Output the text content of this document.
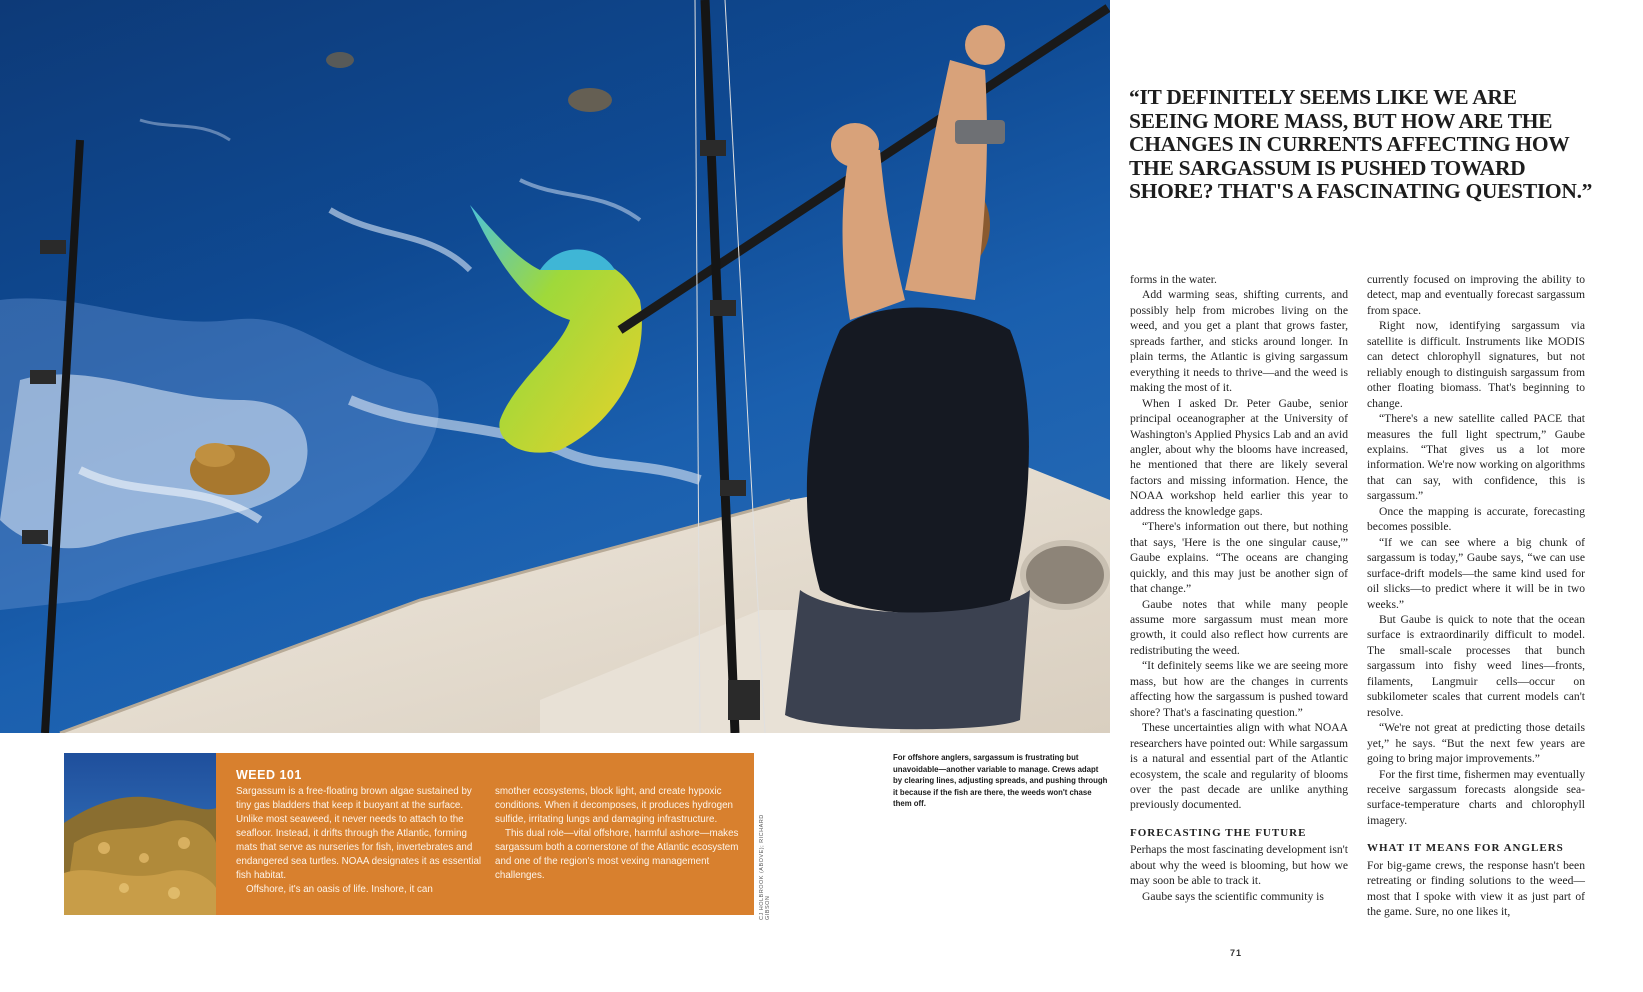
WEED 101

Sargassum is a free-floating brown algae sustained by tiny gas bladders that keep it buoyant at the surface. Unlike most seaweed, it never needs to attach to the seafloor. Instead, it drifts through the Atlantic, forming mats that serve as nurseries for fish, invertebrates and endangered sea turtles. NOAA designates it as essential fish habitat.

Offshore, it's an oasis of life. Inshore, it can

smother ecosystems, block light, and create hypoxic conditions. When it decomposes, it produces hydrogen sulfide, irritating lungs and damaging infrastructure.

This dual role—vital offshore, harmful ashore—makes sargassum both a cornerstone of the Atlantic ecosystem and one of the region's most vexing management challenges.	CJ HOLBROOK (ABOVE); RICHARD GIBSON
For offshore anglers, sargassum is frustrating but unavoidable—another variable to manage. Crews adapt by clearing lines, adjusting spreads, and pushing through it because if the fish are there, the weeds won't chase them off.
“IT DEFINITELY SEEMS LIKE WE ARE SEEING MORE MASS, BUT HOW ARE THE CHANGES IN CURRENTS AFFECTING HOW THE SARGASSUM IS PUSHED TOWARD SHORE? THAT'S A FASCINATING QUESTION.”

forms in the water.

Add warming seas, shifting currents, and possibly help from microbes living on the weed, and you get a plant that grows faster, spreads farther, and sticks around longer. In plain terms, the Atlantic is giving sargassum everything it needs to thrive—and the weed is making the most of it.

When I asked Dr. Peter Gaube, senior principal oceanographer at the University of Washington's Applied Physics Lab and an avid angler, about why the blooms have increased, he mentioned that there are likely several factors and missing information. Hence, the NOAA workshop held earlier this year to address the knowledge gaps.

“There's information out there, but nothing that says, 'Here is the one singular cause,'” Gaube explains. “The oceans are changing quickly, and this may just be another sign of that change.”

Gaube notes that while many people assume more sargassum must mean more growth, it could also reflect how currents are redistributing the weed.

“It definitely seems like we are seeing more mass, but how are the changes in currents affecting how the sargassum is pushed toward shore? That's a fascinating question.”

These uncertainties align with what NOAA researchers have pointed out: While sargassum is a natural and essential part of the Atlantic ecosystem, the scale and regularity of blooms over the past decade are unlike anything previously documented.

FORECASTING THE FUTURE

Perhaps the most fascinating development isn't about why the weed is blooming, but how we may soon be able to track it.

Gaube says the scientific community is

currently focused on improving the ability to detect, map and eventually forecast sargassum from space.

Right now, identifying sargassum via satellite is difficult. Instruments like MODIS can detect chlorophyll signatures, but not reliably enough to distinguish sargassum from other floating biomass. That's beginning to change.

“There's a new satellite called PACE that measures the full light spectrum,” Gaube explains. “That gives us a lot more information. We're now working on algorithms that can say, with confidence, this is sargassum.”

Once the mapping is accurate, forecasting becomes possible.

“If we can see where a big chunk of sargassum is today,” Gaube says, “we can use surface-drift models—the same kind used for oil slicks—to predict where it will be in two weeks.”

But Gaube is quick to note that the ocean surface is extraordinarily difficult to model. The small-scale processes that bunch sargassum into fishy weed lines—fronts, filaments, Langmuir cells—occur on subkilometer scales that current models can't resolve.

“We're not great at predicting those details yet,” he says. “But the next few years are going to bring major improvements.”

For the first time, fishermen may eventually receive sargassum forecasts alongside sea-surface-temperature charts and chlorophyll imagery.

WHAT IT MEANS FOR ANGLERS

For big-game crews, the response hasn't been retreating or finding solutions to the weed—most that I spoke with view it as just part of the game. Sure, no one likes it,

71
